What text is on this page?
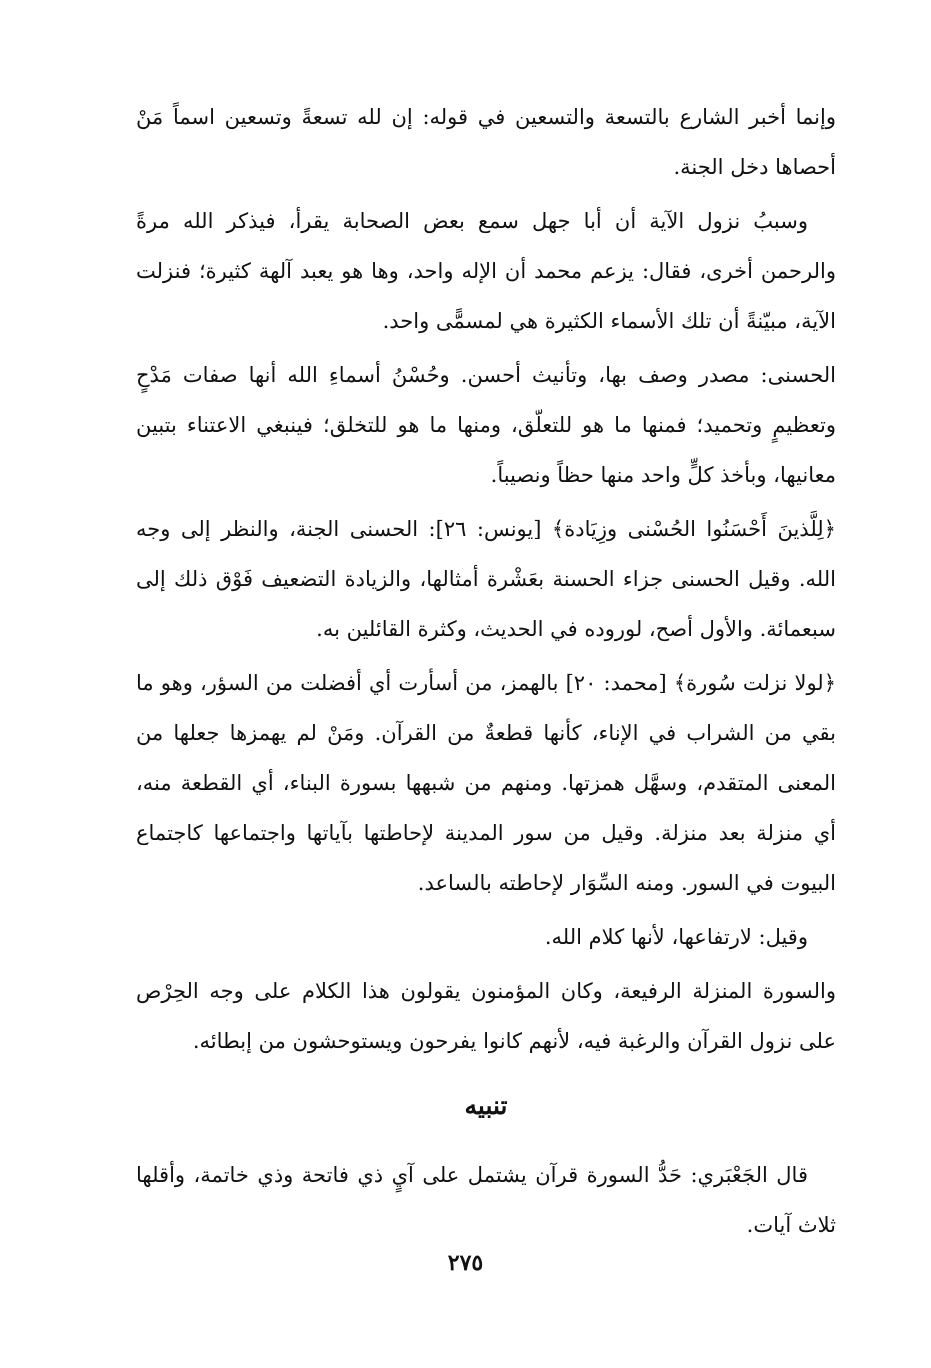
وإنما أخبر الشارع بالتسعة والتسعين في قوله: إن لله تسعةً وتسعين اسماً مَنْ أحصاها دخل الجنة.

وسببُ نزول الآية أن أبا جهل سمع بعض الصحابة يقرأ، فيذكر الله مرةً والرحمن أخرى، فقال: يزعم محمد أن الإله واحد، وها هو يعبد آلهة كثيرة؛ فنزلت الآية، مبيّنةً أن تلك الأسماء الكثيرة هي لمسمًّى واحد.

الحسنى: مصدر وصف بها، وتأنيث أحسن. وحُسْنُ أسماءِ الله أنها صفات مَدْحٍ وتعظيمٍ وتحميد؛ فمنها ما هو للتعلّق، ومنها ما هو للتخلق؛ فينبغي الاعتناء بتبين معانيها، وبأخذ كلٍّ واحد منها حظاً ونصيباً.

﴿لِلَّذينَ أَحْسَنُوا الحُسْنى وزِيَادة﴾ [يونس: ٢٦]: الحسنى الجنة، والنظر إلى وجه الله. وقيل الحسنى جزاء الحسنة بعَشْرة أمثالها، والزيادة التضعيف فَوْق ذلك إلى سبعمائة. والأول أصح، لوروده في الحديث، وكثرة القائلين به.

﴿لولا نزلت سُورة﴾ [محمد: ٢٠] بالهمز، من أسأرت أي أفضلت من السؤر، وهو ما بقي من الشراب في الإناء، كأنها قطعةٌ من القرآن. ومَنْ لم يهمزها جعلها من المعنى المتقدم، وسهَّل همزتها. ومنهم من شبهها بسورة البناء، أي القطعة منه، أي منزلة بعد منزلة. وقيل من سور المدينة لإحاطتها بآياتها واجتماعها كاجتماع البيوت في السور. ومنه السِّوَار لإحاطته بالساعد.

وقيل: لارتفاعها، لأنها كلام الله.

والسورة المنزلة الرفيعة، وكان المؤمنون يقولون هذا الكلام على وجه الحِرْص على نزول القرآن والرغبة فيه، لأنهم كانوا يفرحون ويستوحشون من إبطائه.

تنبيه

قال الجَعْبَري: حَدُّ السورة قرآن يشتمل على آيٍ ذي فاتحة وذي خاتمة، وأقلها ثلاث آيات.

٢٧٥
